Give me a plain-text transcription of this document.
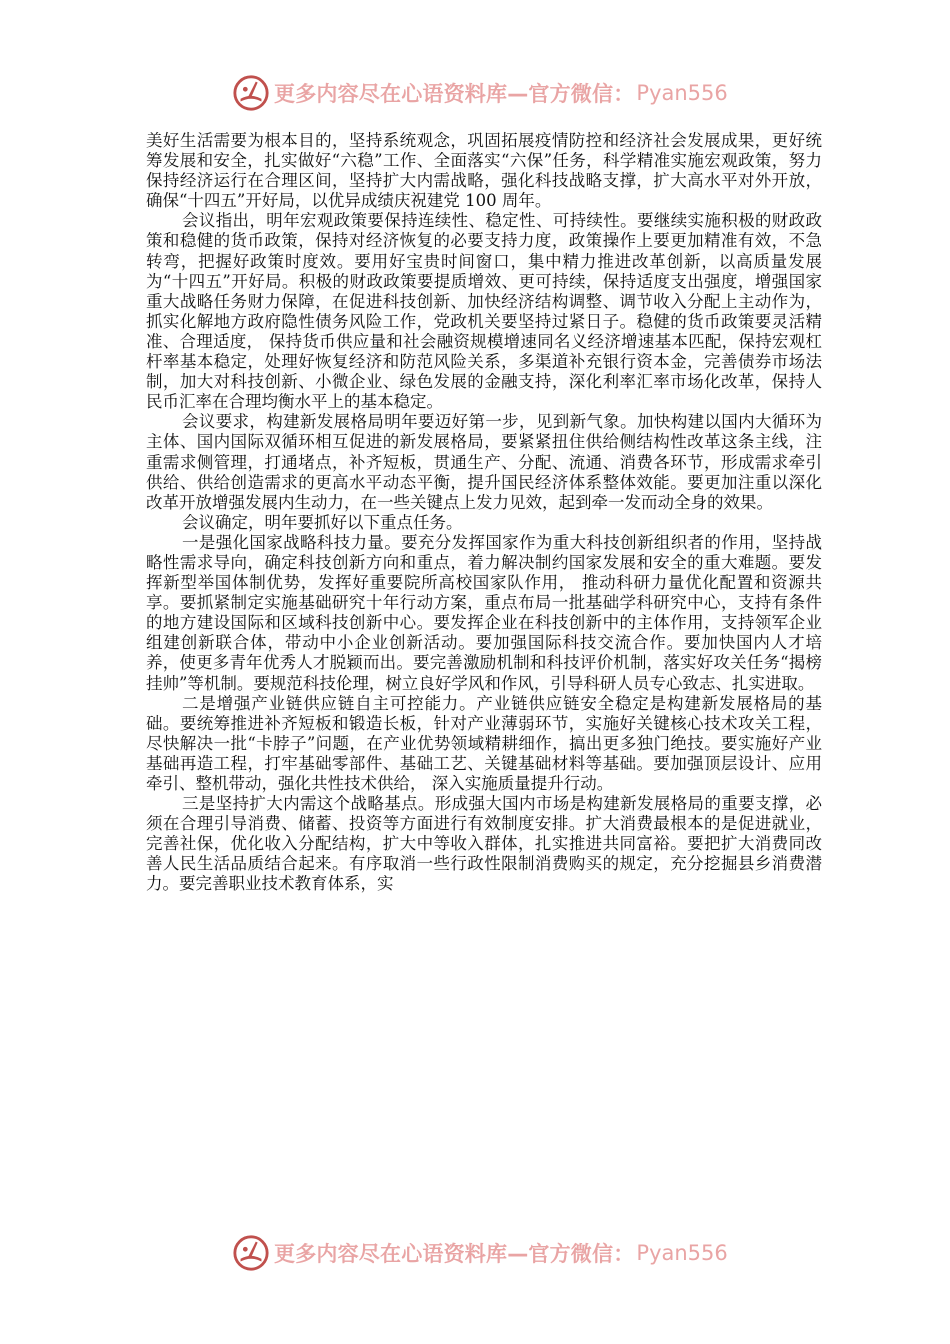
更多内容尽在心语资料库—官方微信： Pyan556

美好生活需要为根本目的，坚持系统观念，巩固拓展疫情防控和经济社会发展成果，更好统筹发展和安全，扎实做好“六稳”工作、全面落实“六保”任务，科学精准实施宏观政策，努力保持经济运行在合理区间，坚持扩大内需战略，强化科技战略支撑，扩大高水平对外开放，确保“十四五”开好局，以优异成绩庆祝建党 100 周年。

会议指出，明年宏观政策要保持连续性、稳定性、可持续性。要继续实施积极的财政政策和稳健的货币政策，保持对经济恢复的必要支持力度，政策操作上要更加精准有效，不急转弯，把握好政策时度效。要用好宝贵时间窗口，集中精力推进改革创新，以高质量发展为“十四五”开好局。积极的财政政策要提质增效、更可持续，保持适度支出强度，增强国家重大战略任务财力保障，在促进科技创新、加快经济结构调整、调节收入分配上主动作为，抓实化解地方政府隐性债务风险工作，党政机关要坚持过紧日子。稳健的货币政策要灵活精准、合理适度， 保持货币供应量和社会融资规模增速同名义经济增速基本匹配，保持宏观杠杆率基本稳定，处理好恢复经济和防范风险关系，多渠道补充银行资本金，完善债券市场法制，加大对科技创新、小微企业、绿色发展的金融支持，深化利率汇率市场化改革，保持人民币汇率在合理均衡水平上的基本稳定。

会议要求，构建新发展格局明年要迈好第一步，见到新气象。加快构建以国内大循环为主体、国内国际双循环相互促进的新发展格局，要紧紧扭住供给侧结构性改革这条主线，注重需求侧管理，打通堵点，补齐短板，贯通生产、分配、流通、消费各环节，形成需求牵引供给、供给创造需求的更高水平动态平衡，提升国民经济体系整体效能。要更加注重以深化改革开放增强发展内生动力，在一些关键点上发力见效，起到牵一发而动全身的效果。

会议确定，明年要抓好以下重点任务。

一是强化国家战略科技力量。要充分发挥国家作为重大科技创新组织者的作用，坚持战略性需求导向，确定科技创新方向和重点，着力解决制约国家发展和安全的重大难题。要发挥新型举国体制优势，发挥好重要院所高校国家队作用， 推动科研力量优化配置和资源共享。要抓紧制定实施基础研究十年行动方案，重点布局一批基础学科研究中心，支持有条件的地方建设国际和区域科技创新中心。要发挥企业在科技创新中的主体作用，支持领军企业组建创新联合体，带动中小企业创新活动。要加强国际科技交流合作。要加快国内人才培养，使更多青年优秀人才脱颖而出。要完善激励机制和科技评价机制，落实好攻关任务“揭榜挂帅”等机制。要规范科技伦理，树立良好学风和作风，引导科研人员专心致志、扎实进取。

二是增强产业链供应链自主可控能力。产业链供应链安全稳定是构建新发展格局的基础。要统筹推进补齐短板和锻造长板，针对产业薄弱环节，实施好关键核心技术攻关工程，尽快解决一批“卡脖子”问题，在产业优势领域精耕细作，搞出更多独门绝技。要实施好产业基础再造工程，打牢基础零部件、基础工艺、关键基础材料等基础。要加强顶层设计、应用牵引、整机带动，强化共性技术供给， 深入实施质量提升行动。

三是坚持扩大内需这个战略基点。形成强大国内市场是构建新发展格局的重要支撑，必须在合理引导消费、储蓄、投资等方面进行有效制度安排。扩大消费最根本的是促进就业，完善社保，优化收入分配结构，扩大中等收入群体，扎实推进共同富裕。要把扩大消费同改善人民生活品质结合起来。有序取消一些行政性限制消费购买的规定，充分挖掘县乡消费潜力。要完善职业技术教育体系，实

更多内容尽在心语资料库—官方微信： Pyan556
